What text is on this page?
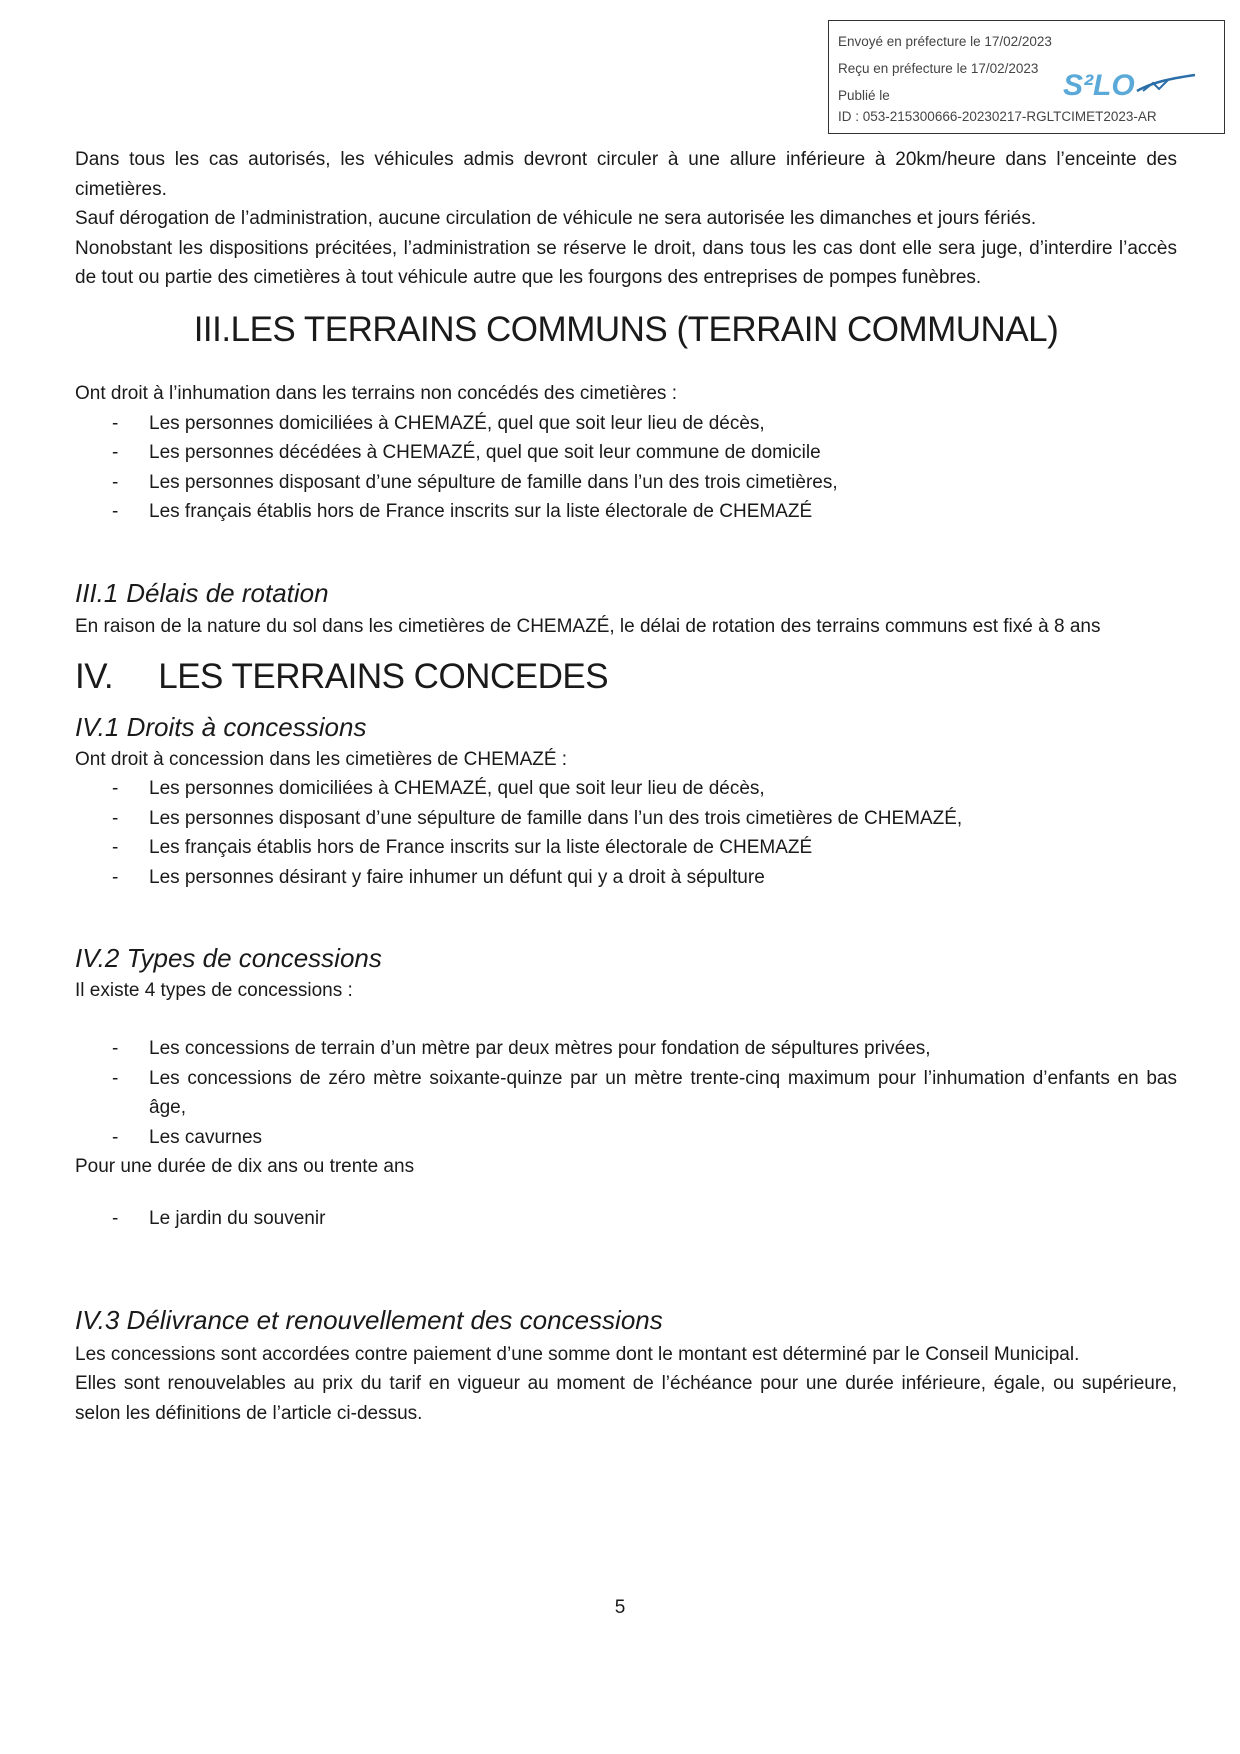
Envoyé en préfecture le 17/02/2023
Reçu en préfecture le 17/02/2023
Publié le
ID : 053-215300666-20230217-RGLTCIMET2023-AR
S²LO

Dans tous les cas autorisés, les véhicules admis devront circuler à une allure inférieure à 20km/heure dans l’enceinte des cimetières.

Sauf dérogation de l’administration, aucune circulation de véhicule ne sera autorisée les dimanches et jours fériés.

Nonobstant les dispositions précitées, l’administration se réserve le droit, dans tous les cas dont elle sera juge, d’interdire l’accès de tout ou partie des cimetières à tout véhicule autre que les fourgons des entreprises de pompes funèbres.

III.LES TERRAINS COMMUNS (TERRAIN COMMUNAL)

Ont droit à l’inhumation dans les terrains non concédés des cimetières :

- Les personnes domiciliées à CHEMAZÉ, quel que soit leur lieu de décès,
- Les personnes décédées à CHEMAZÉ, quel que soit leur commune de domicile
- Les personnes disposant d’une sépulture de famille dans l’un des trois cimetières,
- Les français établis hors de France inscrits sur la liste électorale de CHEMAZÉ
III.1 Délais de rotation

En raison de la nature du sol dans les cimetières de CHEMAZÉ, le délai de rotation des terrains communs est fixé à 8 ans

IV. LES TERRAINS CONCEDES
IV.1 Droits à concessions

Ont droit à concession dans les cimetières de CHEMAZÉ :

- Les personnes domiciliées à CHEMAZÉ, quel que soit leur lieu de décès,
- Les personnes disposant d’une sépulture de famille dans l’un des trois cimetières de CHEMAZÉ,
- Les français établis hors de France inscrits sur la liste électorale de CHEMAZÉ
- Les personnes désirant y faire inhumer un défunt qui y a droit à sépulture
IV.2 Types de concessions

Il existe 4 types de concessions :

- Les concessions de terrain d’un mètre par deux mètres pour fondation de sépultures privées,
- Les concessions de zéro mètre soixante-quinze par un mètre trente-cinq maximum pour l’inhumation d’enfants en bas âge,
- Les cavurnes

Pour une durée de dix ans ou trente ans

- Le jardin du souvenir
IV.3 Délivrance et renouvellement des concessions

Les concessions sont accordées contre paiement d’une somme dont le montant est déterminé par le Conseil Municipal.

Elles sont renouvelables au prix du tarif en vigueur au moment de l’échéance pour une durée inférieure, égale, ou supérieure, selon les définitions de l’article ci-dessus.

5
